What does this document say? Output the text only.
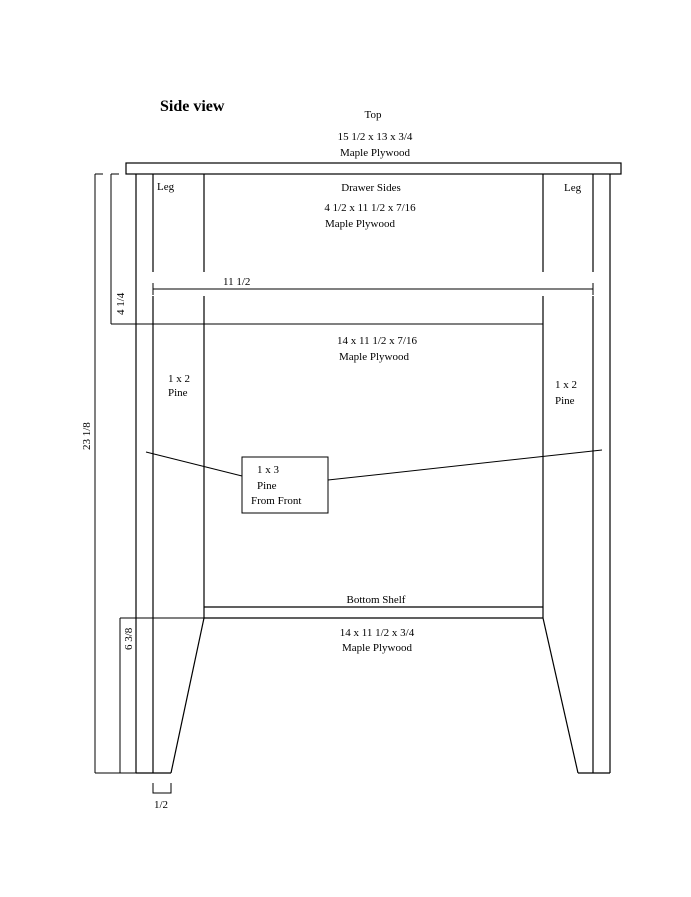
Side view	Top
15 1/2 x 13 x 3/4
Maple Plywood
Leg	Leg
Drawer Sides
4 1/2 x 11 1/2 x 7/16
Maple Plywood
11 1/2
4 1/4
14 x 11 1/2 x 7/16
Maple Plywood
23 1/8
1 x 2
Pine
1 x 2
Pine
1 x 3
Pine
From Front
Bottom Shelf
14 x 11 1/2 x 3/4
Maple Plywood
6 3/8
1/2
